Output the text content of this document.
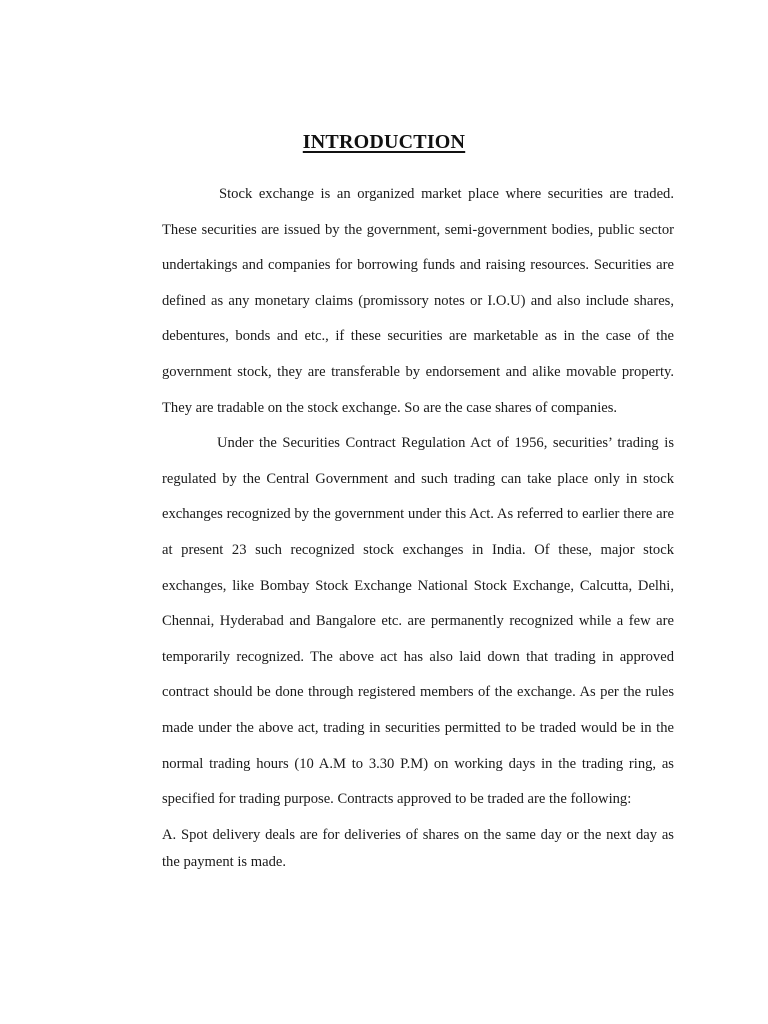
INTRODUCTION

Stock exchange is an organized market place where securities are traded. These securities are issued by the government, semi-government bodies, public sector undertakings and companies for borrowing funds and raising resources. Securities are defined as any monetary claims (promissory notes or I.O.U) and also include shares, debentures, bonds and etc., if these securities are marketable as in the case of the government stock, they are transferable by endorsement and alike movable property. They are tradable on the stock exchange. So are the case shares of companies.

Under the Securities Contract Regulation Act of 1956, securities’ trading is regulated by the Central Government and such trading can take place only in stock exchanges recognized by the government under this Act. As referred to earlier there are at present 23 such recognized stock exchanges in India. Of these, major stock exchanges, like Bombay Stock Exchange National Stock Exchange, Calcutta, Delhi, Chennai, Hyderabad and Bangalore etc. are permanently recognized while a few are temporarily recognized. The above act has also laid down that trading in approved contract should be done through registered members of the exchange. As per the rules made under the above act, trading in securities permitted to be traded would be in the normal trading hours (10 A.M to 3.30 P.M) on working days in the trading ring, as specified for trading purpose. Contracts approved to be traded are the following:

A. Spot delivery deals are for deliveries of shares on the same day or the next day as the payment is made.
